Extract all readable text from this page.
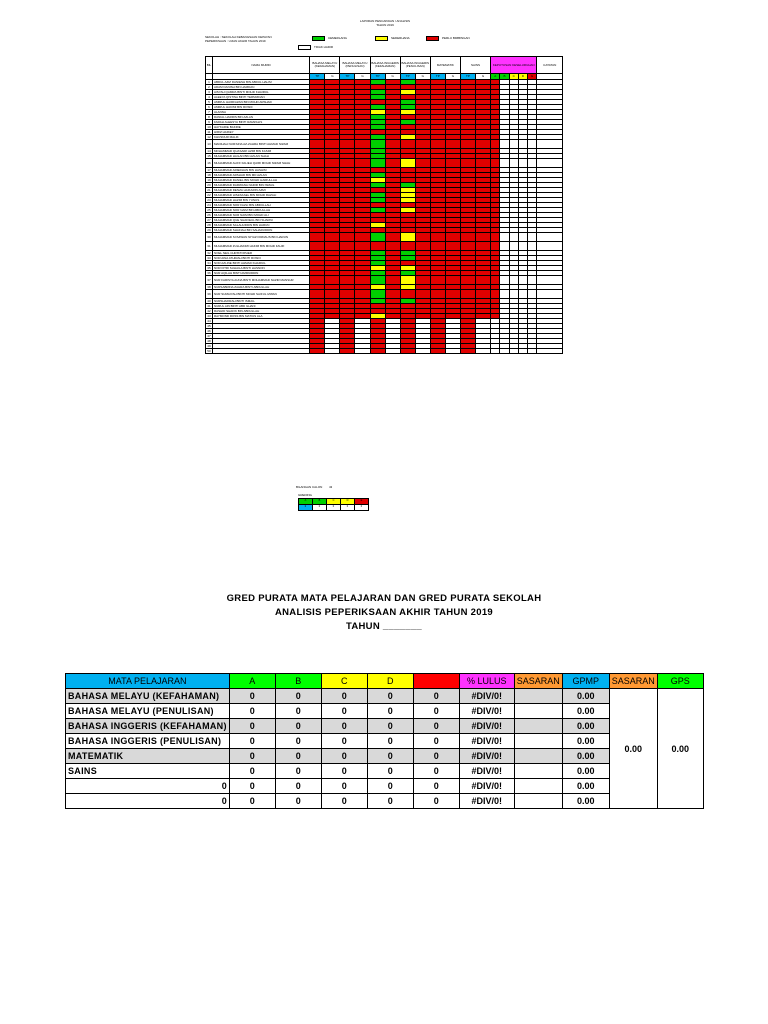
LAPORAN PENCAPAIAN / ANALISIS
TAHUN 2019
SEKOLAH : SEKOLAH KEBANGSAAN KEPAYAN
PEPERIKSAAN : UJIAN AKHIR TAHUN 2019
CEMERLANG	SEDERHANA	PERLU BIMBINGAN
TIDAK HADIR
BIL	NAMA MURID	BAHASA MELAYU (KEFAHAMAN)		BAHASA MELAYU (PENULISAN)		BAHASA INGGERIS (KEFAHAMAN)		BAHASA INGGERIS (PENULISAN)		MATEMATIK		SAINS		KEPUTUSAN KESELURUHAN					CATATAN
		TP	G	TP	G	TP	G	TP	G	TP	G	TP	G	A	B	C	D	E	
1	ABDUL AZIZ DANIESH BIN ABDUL HALIM																		
2	ADAM DANISH BIN HAMDAN																		
3	AISYAH QAMRA BINTI MOHD KHAIRUL																		
4	ALEEYA QISTINA BINTI TERMIZDAN																		
5	AMIRUL HAIRFAZAN BIN MOHD ARSHAD																		
6	AMIRUL HAKIMI BIN ROSDI																		
7	ALANNA																		
8	DANIAL HARRIS BIN AZLAN																		
9	FARAH ALEESYA BINTI RAMZALIS																		
10	HAYKARIE BAKRIE																		
11	HIRIZ HAIKEY																		
12	KHUSNUR MALIK																		
13	MADIHAH NUR'AINA AZ-ZAHRA BINTI AHMAD NIZAM																		
14	MOHAMMAD QUASAIRI AZIM BIN KASIM																		
15	MUHAMMAD HAILAN BIN AZLAN SHAH																		
16	MUHAMMAD ALIFF FALIEH QAIRI MOHD NIZAM SHAH																		
17	MUHAMMAD ARIEDHAN BIN HASHIM																		
18	MUHAMMAD ARSHAD BIN MD AZLAN																		
19	MUHAMMAD DANIEL BIN MOHD HAIRULLAH																		
20	MUHAMMAD DARWANA NADIR BIN ISMAIL																		
21	MUHAMMAD DENZA HAIKARIN AZMI																		
22	MUHAMMAD HISZAKAEL BIN MOHD RAZALI																		
23	MUHAMMAD HAZIM BIN YUNUS																		
24	MUHAMMAD NOR FAZLI BIN ABDULLAH																		
25	MUHAMMAD NOR NAIM BIN ABDULLAH																		
26	MUHAMMAD NUR NAIM BIN MOHD ALI																		
27	MUHAMMAD QUE SHAFIEUL BIN SUARNI																		
28	MUHAMMAD SALAHUDDIN BIN HARUN																		
29	MUHAMMAD SHAFIAH BIN SAHARUDDIN																		
30	MUHAMMAD SYAZWAN NIYAZ FIRDAUS BIN HARUN																		
31	MUHAMMAD ZULHAKIMI HAKIM BIN MOHD FAUZI																		
32	NOEL NEIL CHRISTOPHER																		
33	NOR AINA ATHIRAH BINTI ROSDI																		
34	NOR AZLINE BINTI AHMAD KHAIRUL																		
35	NOR FITRI SUHAILA BINTI HASNON																		
36	NUR AQILAH BINTI AMIRUDDIN																		
37	NUR FARISYA AUNA BINTI MOHAMMAD NAZIR MANSUR																		
38	NURSABRINA ZAHRA BINTI ABDULLAH																		
39	NUR SUMAIYAH BINTI MOHD SAIFUL IZWAN																		
40	NURSHAFIRAH BINTI ISMAIL																		
41	NURUL AIN BINTI ABD GHANI																		
42	RASHID SHAFIK BIN ABDULLAH																		
43	RAYMOND ROSS BIN MATIUS ALA																		
44																			
45																			
46																			
47																			
48																			
49																			
50																			
BILANGAN CALON 43
GREDING
A	B	C	D	E
0	0	0	0	0
GRED PURATA MATA PELAJARAN DAN GRED PURATA SEKOLAH
ANALISIS PEPERIKSAAN AKHIR TAHUN 2019
TAHUN _______
MATA PELAJARAN	A	B	C	D	E	% LULUS	SASARAN	GPMP	SASARAN	GPS
BAHASA MELAYU (KEFAHAMAN)	0	0	0	0	0	#DIV/0!		0.00	0.00	0.00
BAHASA MELAYU (PENULISAN)	0	0	0	0	0	#DIV/0!		0.00		
BAHASA INGGERIS (KEFAHAMAN)	0	0	0	0	0	#DIV/0!		0.00		
BAHASA INGGERIS (PENULISAN)	0	0	0	0	0	#DIV/0!		0.00		
MATEMATIK	0	0	0	0	0	#DIV/0!		0.00		
SAINS	0	0	0	0	0	#DIV/0!		0.00		
0	0	0	0	0	0	#DIV/0!		0.00		
0	0	0	0	0	0	#DIV/0!		0.00		
